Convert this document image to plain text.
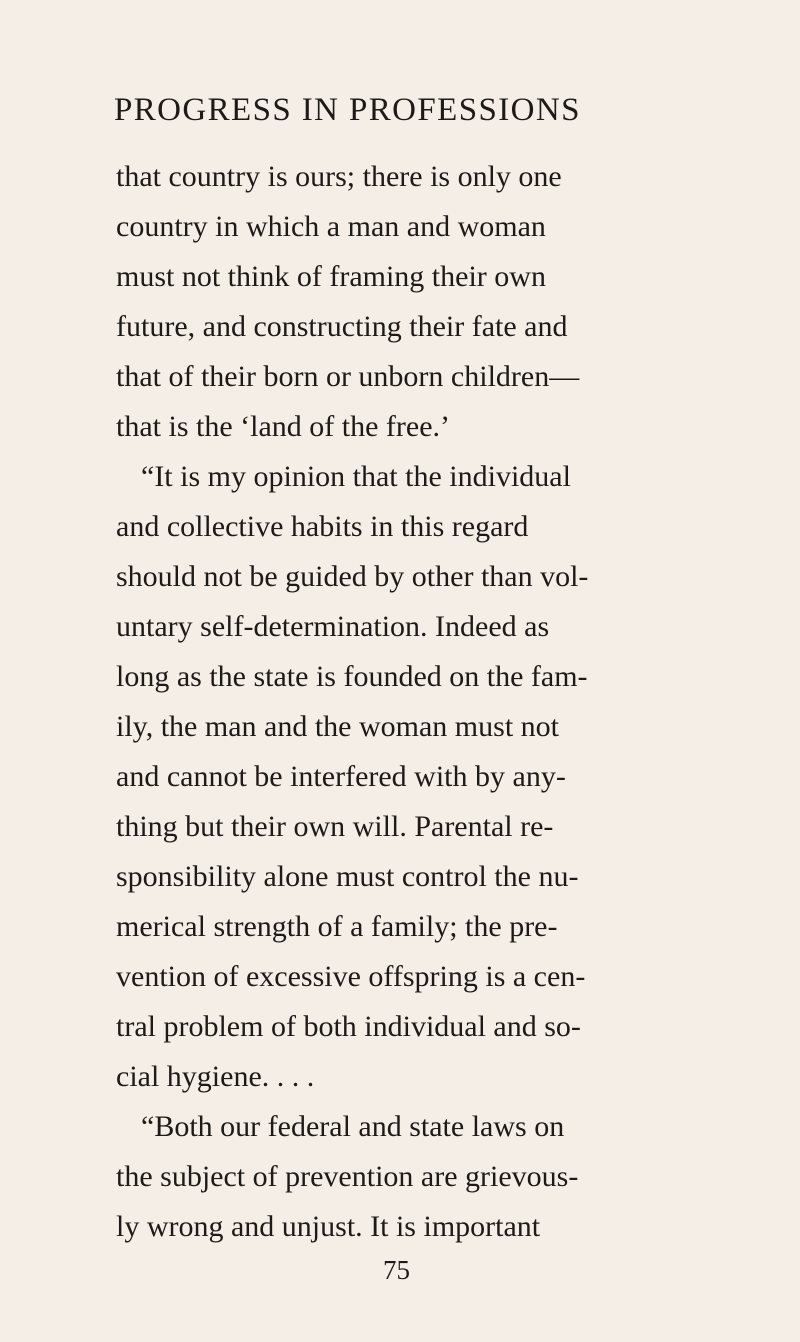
PROGRESS IN PROFESSIONS
that country is ours; there is only one
country in which a man and woman
must not think of framing their own
future, and constructing their fate and
that of their born or unborn children—
that is the ‘land of the free.’
“It is my opinion that the individual
and collective habits in this regard
should not be guided by other than vol-
untary self-determination. Indeed as
long as the state is founded on the fam-
ily, the man and the woman must not
and cannot be interfered with by any-
thing but their own will. Parental re-
sponsibility alone must control the nu-
merical strength of a family; the pre-
vention of excessive offspring is a cen-
tral problem of both individual and so-
cial hygiene. . . .
“Both our federal and state laws on
the subject of prevention are grievous-
ly wrong and unjust. It is important
75
